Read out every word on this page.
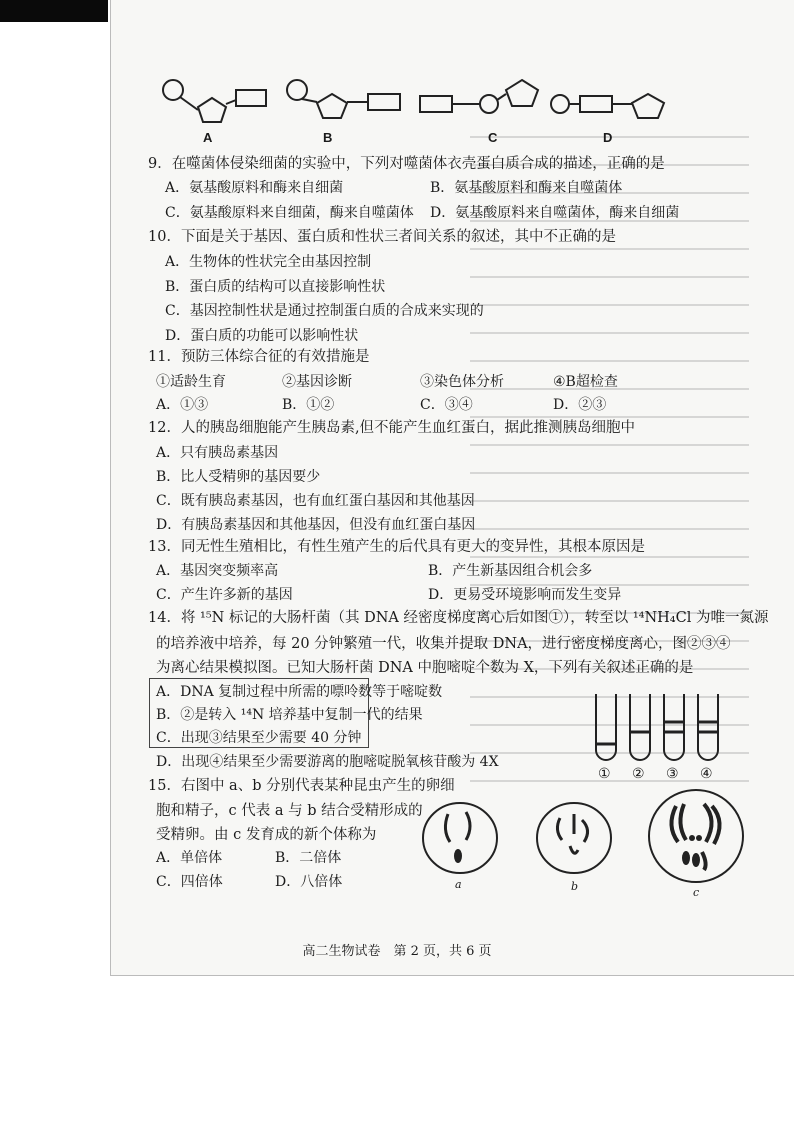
A	B	C	D
9．在噬菌体侵染细菌的实验中，下列对噬菌体衣壳蛋白质合成的描述，正确的是
A．氨基酸原料和酶来自细菌	B．氨基酸原料和酶来自噬菌体
C．氨基酸原料来自细菌，酶来自噬菌体 D．氨基酸原料来自噬菌体，酶来自细菌
10．下面是关于基因、蛋白质和性状三者间关系的叙述，其中不正确的是
A．生物体的性状完全由基因控制
B．蛋白质的结构可以直接影响性状
C．基因控制性状是通过控制蛋白质的合成来实现的
D．蛋白质的功能可以影响性状
11．预防三体综合征的有效措施是
①适龄生育	②基因诊断	③染色体分析	④B超检查
A．①③	B．①②	C．③④	D．②③
12．人的胰岛细胞能产生胰岛素,但不能产生血红蛋白，据此推测胰岛细胞中
A．只有胰岛素基因
B．比人受精卵的基因要少
C．既有胰岛素基因，也有血红蛋白基因和其他基因
D．有胰岛素基因和其他基因，但没有血红蛋白基因
13．同无性生殖相比，有性生殖产生的后代具有更大的变异性，其根本原因是
A．基因突变频率高	B．产生新基因组合机会多
C．产生许多新的基因	D．更易受环境影响而发生变异
14．将 ¹⁵N 标记的大肠杆菌（其 DNA 经密度梯度离心后如图①），转至以 ¹⁴NH₄Cl 为唯一氮源
的培养液中培养，每 20 分钟繁殖一代，收集并提取 DNA，进行密度梯度离心，图②③④
为离心结果模拟图。已知大肠杆菌 DNA 中胞嘧啶个数为 X，下列有关叙述正确的是
A．DNA 复制过程中所需的嘌呤数等于嘧啶数
B．②是转入 ¹⁴N 培养基中复制一代的结果
C．出现③结果至少需要 40 分钟
D．出现④结果至少需要游离的胞嘧啶脱氧核苷酸为 4X
① ② ③ ④
15．右图中 a、b 分别代表某种昆虫产生的卵细
胞和精子，c 代表 a 与 b 结合受精形成的
受精卵。由 c 发育成的新个体称为
A．单倍体	B．二倍体
C．四倍体	D．八倍体	a	b	c
高二生物试卷　第 2 页，共 6 页
